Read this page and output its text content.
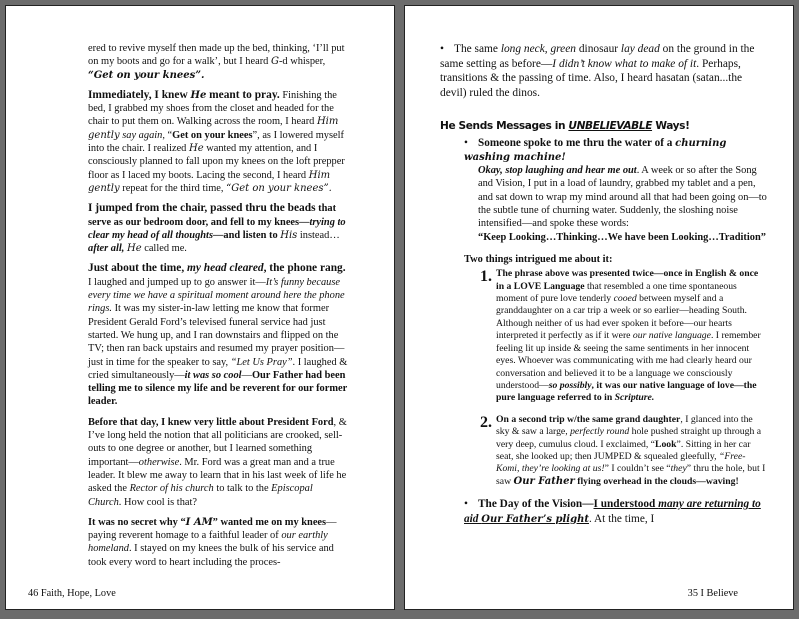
ered to revive myself then made up the bed, thinking, ‘I’ll put on my boots and go for a walk’, but I heard G-d whisper, “Get on your knees”.

Immediately, I knew He meant to pray. Finishing the bed, I grabbed my shoes from the closet and headed for the chair to put them on. Walking across the room, I heard Him gently say again, “Get on your knees”, as I lowered myself into the chair. I realized He wanted my attention, and I consciously planned to fall upon my knees on the loft prepper floor as I laced my boots. Lacing the second, I heard Him gently repeat for the third time, “Get on your knees”.

I jumped from the chair, passed thru the beads that serve as our bedroom door, and fell to my knees—trying to clear my head of all thoughts—and listen to His instead…after all, He called me.

Just about the time, my head cleared, the phone rang. I laughed and jumped up to go answer it—It’s funny because every time we have a spiritual moment around here the phone rings. It was my sister-in-law letting me know that former President Gerald Ford’s televised funeral service had just started. We hung up, and I ran downstairs and flipped on the TV; then ran back upstairs and resumed my prayer position—just in time for the speaker to say, “Let Us Pray”. I laughed & cried simultaneously—it was so cool—Our Father had been telling me to silence my life and be reverent for our former leader.

Before that day, I knew very little about President Ford, & I’ve long held the notion that all politicians are crooked, sell-outs to one degree or another, but I learned something important—otherwise. Mr. Ford was a great man and a true leader. It blew me away to learn that in his last week of life he asked the Rector of his church to talk to the Episcopal Church. How cool is that?

It was no secret why “I AM” wanted me on my knees—paying reverent homage to a faithful leader of our earthly homeland. I stayed on my knees the bulk of his service and took every word to heart including the proces-

46 Faith, Hope, Love

• The same long neck, green dinosaur lay dead on the ground in the same setting as before—I didn’t know what to make of it. Perhaps, transitions & the passing of time. Also, I heard hasatan (satan...the devil) ruled the dinos.

He Sends Messages in UNBELIEVABLE Ways!

• Someone spoke to me thru the water of a churning washing machine!

Okay, stop laughing and hear me out. A week or so after the Song and Vision, I put in a load of laundry, grabbed my tablet and a pen, and sat down to wrap my mind around all that had been going on—to the subtle tune of churning water. Suddenly, the sloshing noise intensified—and spoke these words:

“Keep Looking…Thinking…We have been Looking…Tradition”

Two things intrigued me about it:

1. The phrase above was presented twice—once in English & once in a LOVE Language that resembled a one time spontaneous moment of pure love tenderly cooed between myself and a granddaughter on a car trip a week or so earlier—heading South. Although neither of us had ever spoken it before—our hearts interpreted it perfectly as if it were our native language. I remember feeling lit up inside & seeing the same sentiments in her innocent eyes. Whoever was communicating with me had clearly heard our conversation and believed it to be a language we consciously understood—so possibly, it was our native language of love—the pure language referred to in Scripture.

2. On a second trip w/the same grand daughter, I glanced into the sky & saw a large, perfectly round hole pushed straight up through a very deep, cumulus cloud. I exclaimed, “Look”. Sitting in her car seat, she looked up; then JUMPED & squealed gleefully, “Free-Komi, they’re looking at us!” I couldn’t see “they” thru the hole, but I saw Our Father flying overhead in the clouds—waving!

• The Day of the Vision—I understood many are returning to aid Our Father’s plight. At the time, I

35 I Believe
